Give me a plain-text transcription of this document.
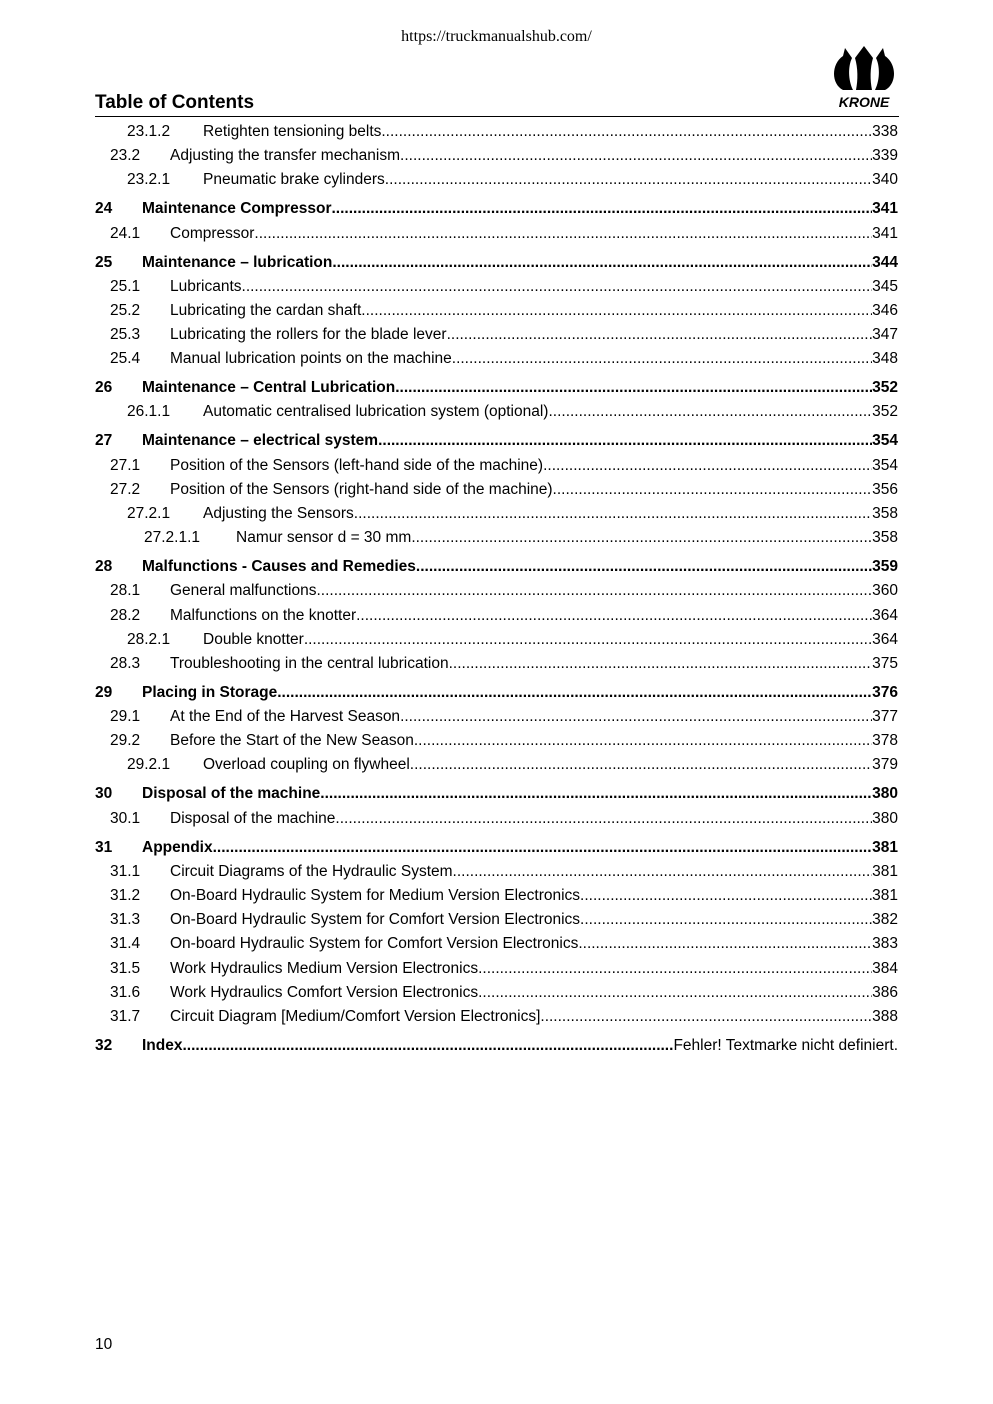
https://truckmanualshub.com/
KRONE
Table of Contents
23.1.2 Retighten tensioning belts .....	338
23.2 Adjusting the transfer mechanism .....	339
23.2.1 Pneumatic brake cylinders .....	340
24 Maintenance Compressor .....	341
24.1 Compressor .....	341
25 Maintenance – lubrication .....	344
25.1 Lubricants .....	345
25.2 Lubricating the cardan shaft .....	346
25.3 Lubricating the rollers for the blade lever .....	347
25.4 Manual lubrication points on the machine .....	348
26 Maintenance – Central Lubrication .....	352
26.1.1 Automatic centralised lubrication system (optional) .....	352
27 Maintenance – electrical system .....	354
27.1 Position of the Sensors (left-hand side of the machine) .....	354
27.2 Position of the Sensors (right-hand side of the machine) .....	356
27.2.1 Adjusting the Sensors .....	358
27.2.1.1 Namur sensor d = 30 mm .....	358
28 Malfunctions - Causes and Remedies .....	359
28.1 General malfunctions .....	360
28.2 Malfunctions on the knotter .....	364
28.2.1 Double knotter .....	364
28.3 Troubleshooting in the central lubrication .....	375
29 Placing in Storage .....	376
29.1 At the End of the Harvest Season .....	377
29.2 Before the Start of the New Season .....	378
29.2.1 Overload coupling on flywheel .....	379
30 Disposal of the machine .....	380
30.1 Disposal of the machine .....	380
31 Appendix .....	381
31.1 Circuit Diagrams of the Hydraulic System .....	381
31.2 On-Board Hydraulic System for Medium Version Electronics .....	381
31.3 On-Board Hydraulic System for Comfort Version Electronics .....	382
31.4 On-board Hydraulic System for Comfort Version Electronics .....	383
31.5 Work Hydraulics Medium Version Electronics .....	384
31.6 Work Hydraulics Comfort Version Electronics .....	386
31.7 Circuit Diagram [Medium/Comfort Version Electronics] .....	388
32 Index .....	Fehler! Textmarke nicht definiert.
10
